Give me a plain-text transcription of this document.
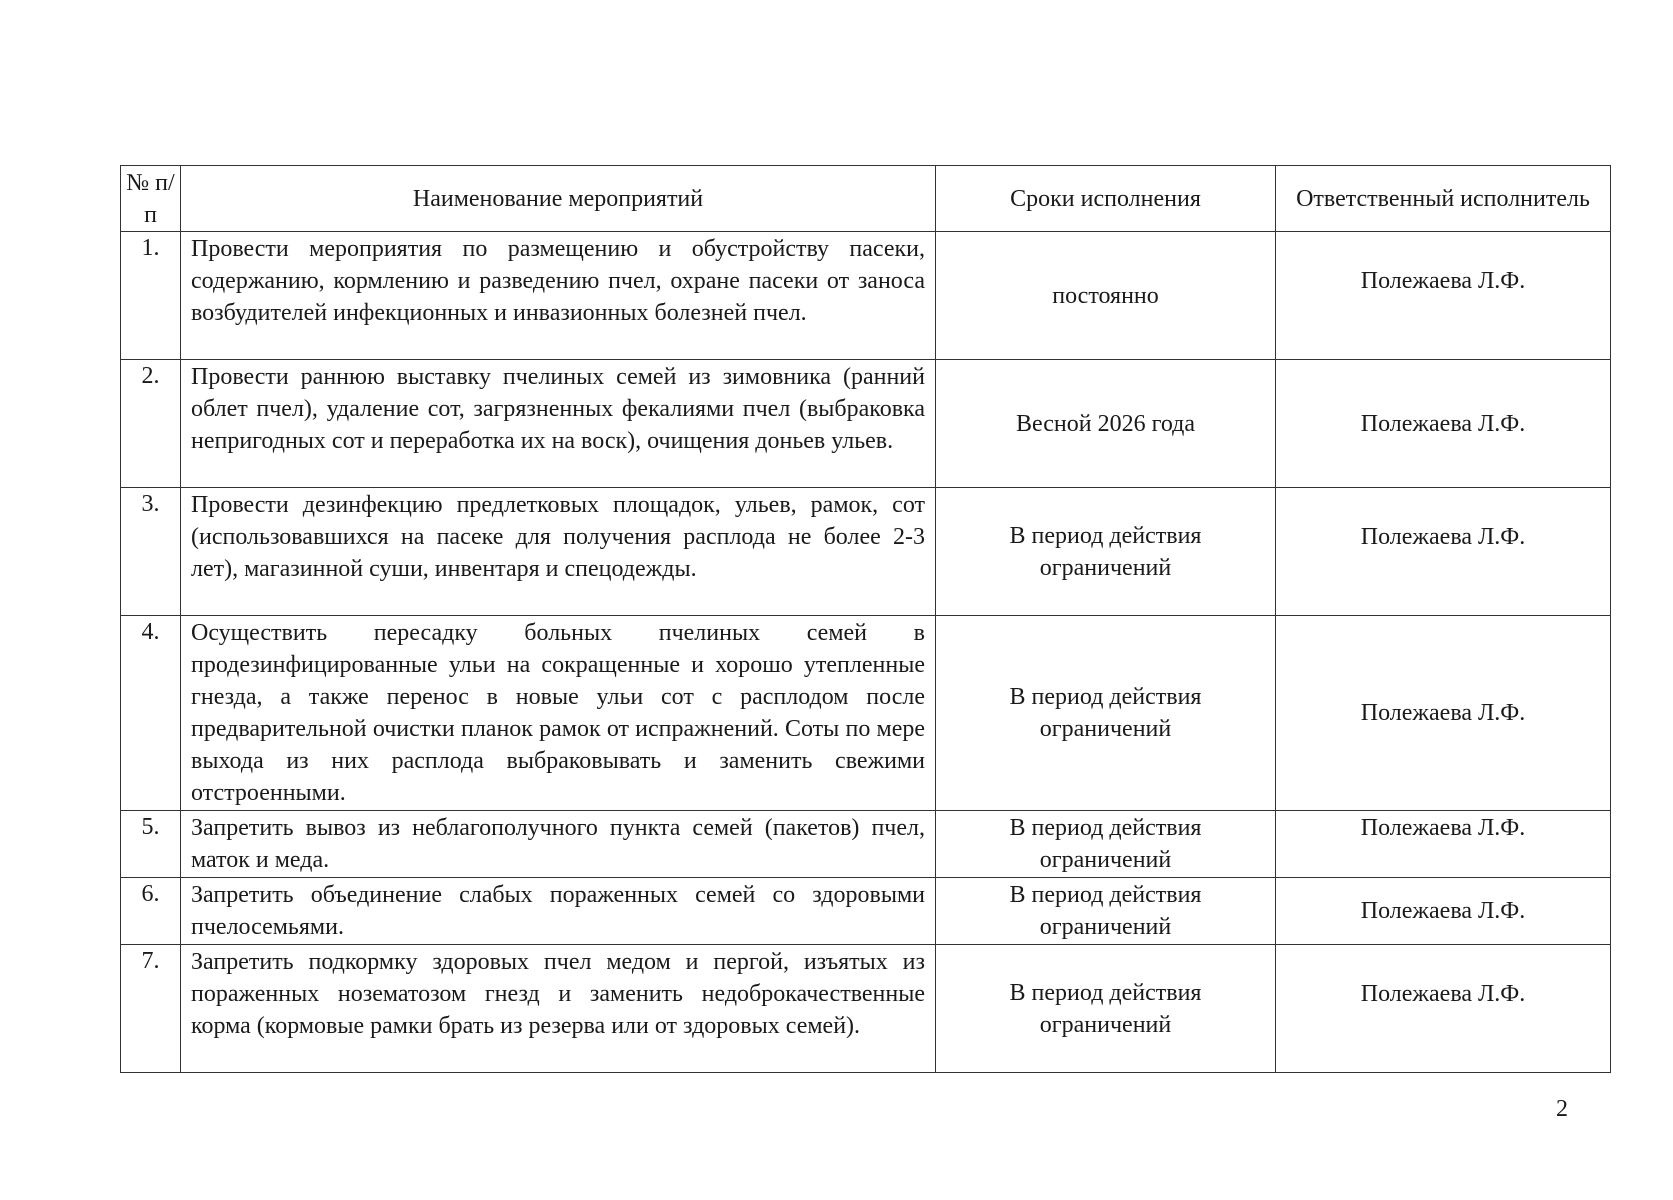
№ п/п	Наименование мероприятий	Сроки исполнения	Ответственный исполнитель
1.	Провести мероприятия по размещению и обустройству пасеки, содержанию, кормлению и разведению пчел, охране пасеки от заноса возбудителей инфекционных и инвазионных болезней пчел.	постоянно	Полежаева Л.Ф.
2.	Провести раннюю выставку пчелиных семей из зимовника (ранний облет пчел), удаление сот, загрязненных фекалиями пчел (выбраковка непригодных сот и переработка их на воск), очищения доньев ульев.	Весной 2026 года	Полежаева Л.Ф.
3.	Провести дезинфекцию предлетковых площадок, ульев, рамок, сот (использовавшихся на пасеке для получения расплода не более 2-3 лет), магазинной суши, инвентаря и спецодежды.	В период действия ограничений	Полежаева Л.Ф.
4.	Осуществить пересадку больных пчелиных семей в продезинфицированные ульи на сокращенные и хорошо утепленные гнезда, а также перенос в новые ульи сот с расплодом после предварительной очистки планок рамок от испражнений. Соты по мере выхода из них расплода выбраковывать и заменить свежими отстроенными.	В период действия ограничений	Полежаева Л.Ф.
5.	Запретить вывоз из неблагополучного пункта семей (пакетов) пчел, маток и меда.	В период действия ограничений	Полежаева Л.Ф.
6.	Запретить объединение слабых пораженных семей со здоровыми пчелосемьями.	В период действия ограничений	Полежаева Л.Ф.
7.	Запретить подкормку здоровых пчел медом и пергой, изъятых из пораженных нозематозом гнезд и заменить недоброкачественные корма (кормовые рамки брать из резерва или от здоровых семей).	В период действия ограничений	Полежаева Л.Ф.
2
